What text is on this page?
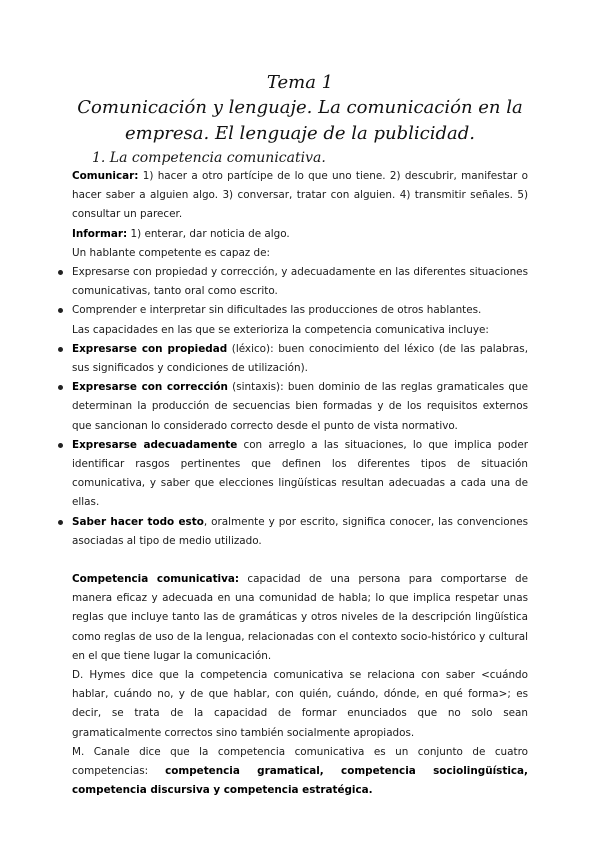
Tema 1
Comunicación y lenguaje. La comunicación en la
empresa. El lenguaje de la publicidad.
1. La competencia comunicativa.

Comunicar: 1) hacer a otro partícipe de lo que uno tiene. 2) descubrir, manifestar o hacer saber a alguien algo. 3) conversar, tratar con alguien. 4) transmitir señales. 5) consultar un parecer.

Informar: 1) enterar, dar noticia de algo.

Un hablante competente es capaz de:

Expresarse con propiedad y corrección, y adecuadamente en las diferentes situaciones comunicativas, tanto oral como escrito.
Comprender e interpretar sin dificultades las producciones de otros hablantes.

Las capacidades en las que se exterioriza la competencia comunicativa incluye:

Expresarse con propiedad (léxico): buen conocimiento del léxico (de las palabras, sus significados y condiciones de utilización).
Expresarse con corrección (sintaxis): buen dominio de las reglas gramaticales que determinan la producción de secuencias bien formadas y de los requisitos externos que sancionan lo considerado correcto desde el punto de vista normativo.
Expresarse adecuadamente con arreglo a las situaciones, lo que implica poder identificar rasgos pertinentes que definen los diferentes tipos de situación comunicativa, y saber que elecciones lingüísticas resultan adecuadas a cada una de ellas.
Saber hacer todo esto, oralmente y por escrito, significa conocer, las convenciones asociadas al tipo de medio utilizado.

Competencia comunicativa: capacidad de una persona para comportarse de manera eficaz y adecuada en una comunidad de habla; lo que implica respetar unas reglas que incluye tanto las de gramáticas y otros niveles de la descripción lingüística como reglas de uso de la lengua, relacionadas con el contexto socio-histórico y cultural en el que tiene lugar la comunicación.

D. Hymes dice que la competencia comunicativa se relaciona con saber <cuándo hablar, cuándo no, y de que hablar, con quién, cuándo, dónde, en qué forma>; es decir, se trata de la capacidad de formar enunciados que no solo sean gramaticalmente correctos sino también socialmente apropiados.

M. Canale dice que la competencia comunicativa es un conjunto de cuatro competencias: competencia gramatical, competencia sociolingüística, competencia discursiva y competencia estratégica.
